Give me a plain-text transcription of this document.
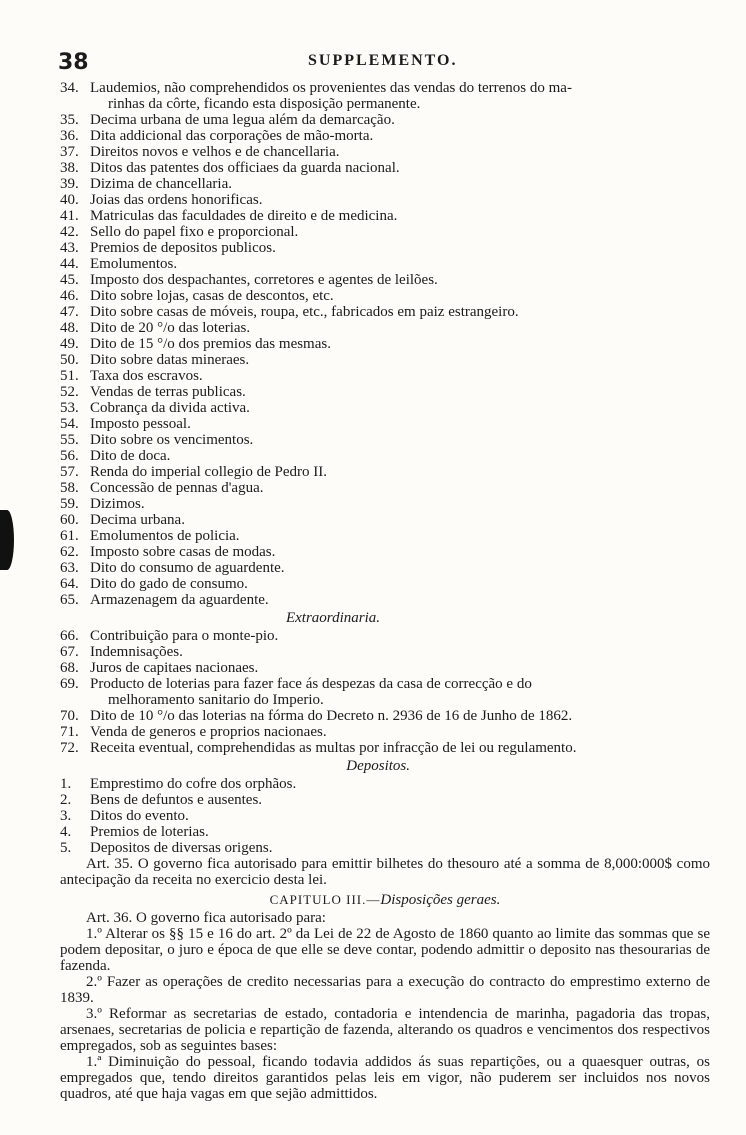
38	SUPPLEMENTO.
34. Laudemios, não comprehendidos os provenientes das vendas do terrenos do ma-
rinhas da côrte, ficando esta disposição permanente.
35. Decima urbana de uma legua além da demarcação.
36. Dita addicional das corporações de mão-morta.
37. Direitos novos e velhos e de chancellaria.
38. Ditos das patentes dos officiaes da guarda nacional.
39. Dizima de chancellaria.
40. Joias das ordens honorificas.
41. Matriculas das faculdades de direito e de medicina.
42. Sello do papel fixo e proporcional.
43. Premios de depositos publicos.
44. Emolumentos.
45. Imposto dos despachantes, corretores e agentes de leilões.
46. Dito sobre lojas, casas de descontos, etc.
47. Dito sobre casas de móveis, roupa, etc., fabricados em paiz estrangeiro.
48. Dito de 20 °/o das loterias.
49. Dito de 15 °/o dos premios das mesmas.
50. Dito sobre datas mineraes.
51. Taxa dos escravos.
52. Vendas de terras publicas.
53. Cobrança da divida activa.
54. Imposto pessoal.
55. Dito sobre os vencimentos.
56. Dito de doca.
57. Renda do imperial collegio de Pedro II.
58. Concessão de pennas d'agua.
59. Dizimos.
60. Decima urbana.
61. Emolumentos de policia.
62. Imposto sobre casas de modas.
63. Dito do consumo de aguardente.
64. Dito do gado de consumo.
65. Armazenagem da aguardente.
Extraordinaria.
66. Contribuição para o monte-pio.
67. Indemnisações.
68. Juros de capitaes nacionaes.
69. Producto de loterias para fazer face ás despezas da casa de correcção e do
melhoramento sanitario do Imperio.
70. Dito de 10 °/o das loterias na fórma do Decreto n. 2936 de 16 de Junho de 1862.
71. Venda de generos e proprios nacionaes.
72. Receita eventual, comprehendidas as multas por infracção de lei ou regulamento.
Depositos.
1.	Emprestimo do cofre dos orphãos.
2.	Bens de defuntos e ausentes.
3.	Ditos do evento.
4.	Premios de loterias.
5.	Depositos de diversas origens.
Art. 35. O governo fica autorisado para emittir bilhetes do thesouro até a somma de 8,000:000$ como antecipação da receita no exercicio desta lei.
CAPITULO III.—Disposições geraes.
Art. 36. O governo fica autorisado para:
1.º Alterar os §§ 15 e 16 do art. 2º da Lei de 22 de Agosto de 1860 quanto ao limite das sommas que se podem depositar, o juro e época de que elle se deve contar, podendo admittir o deposito nas thesourarias de fazenda.
2.º Fazer as operações de credito necessarias para a execução do contracto do emprestimo externo de 1839.
3.º Reformar as secretarias de estado, contadoria e intendencia de marinha, pagadoria das tropas, arsenaes, secretarias de policia e repartição de fazenda, alterando os quadros e vencimentos dos respectivos empregados, sob as seguintes bases:
1.ª Diminuição do pessoal, ficando todavia addidos ás suas repartições, ou a quaesquer outras, os empregados que, tendo direitos garantidos pelas leis em vigor, não puderem ser incluidos nos novos quadros, até que haja vagas em que sejão admittidos.
